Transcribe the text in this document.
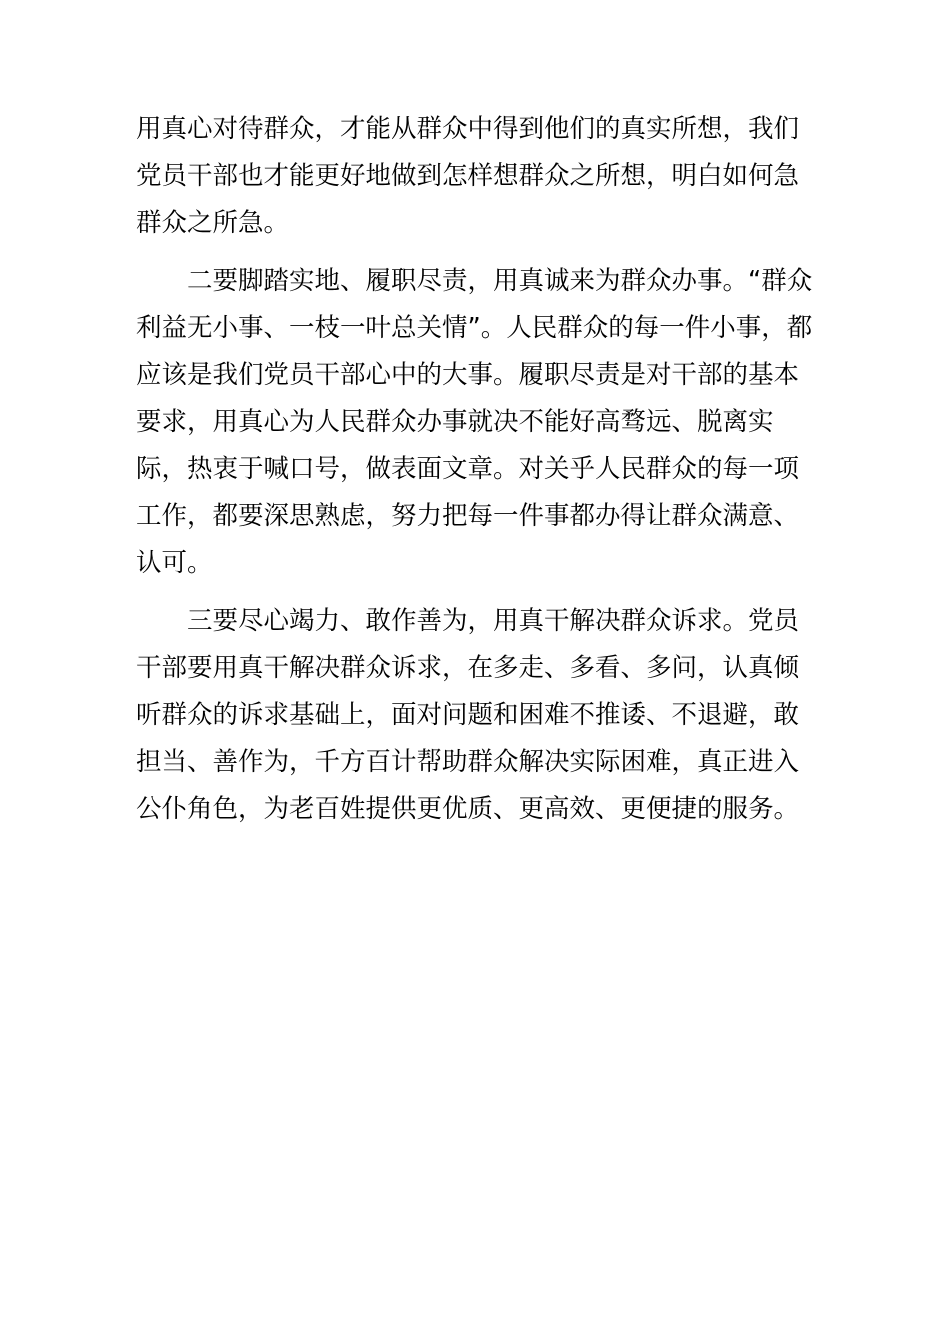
用真心对待群众，才能从群众中得到他们的真实所想，我们
党员干部也才能更好地做到怎样想群众之所想，明白如何急
群众之所急。
二要脚踏实地、履职尽责，用真诚来为群众办事。“群众
利益无小事、一枝一叶总关情”。人民群众的每一件小事，都
应该是我们党员干部心中的大事。履职尽责是对干部的基本
要求，用真心为人民群众办事就决不能好高骛远、脱离实
际，热衷于喊口号，做表面文章。对关乎人民群众的每一项
工作，都要深思熟虑，努力把每一件事都办得让群众满意、
认可。
三要尽心竭力、敢作善为，用真干解决群众诉求。党员
干部要用真干解决群众诉求，在多走、多看、多问，认真倾
听群众的诉求基础上，面对问题和困难不推诿、不退避，敢
担当、善作为，千方百计帮助群众解决实际困难，真正进入
公仆角色，为老百姓提供更优质、更高效、更便捷的服务。
